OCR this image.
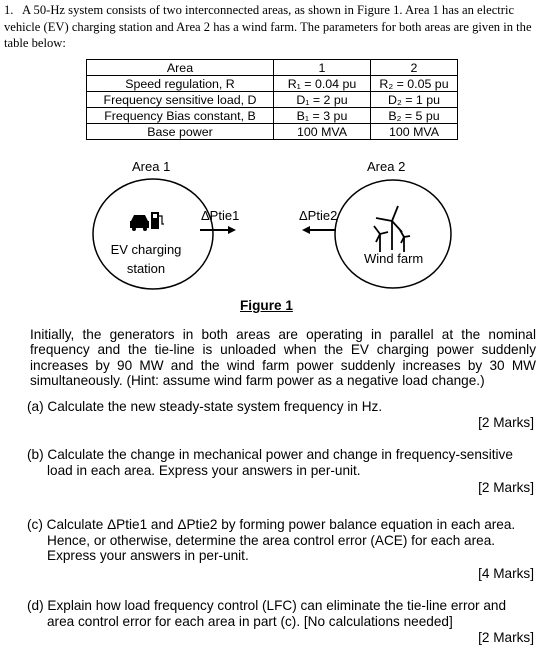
1. A 50-Hz system consists of two interconnected areas, as shown in Figure 1. Area 1 has an electric vehicle (EV) charging station and Area 2 has a wind farm. The parameters for both areas are given in the table below:
Area	1	2
Speed regulation, R	R₁ = 0.04 pu	R₂ = 0.05 pu
Frequency sensitive load, D	D₁ = 2 pu	D₂ = 1 pu
Frequency Bias constant, B	B₁ = 3 pu	B₂ = 5 pu
Base power	100 MVA	100 MVA
Area 1	Area 2
ΔPtie1	ΔPtie2
EV charging
station
Wind farm
Figure 1
Initially, the generators in both areas are operating in parallel at the nominal frequency and the tie-line is unloaded when the EV charging power suddenly increases by 90 MW and the wind farm power suddenly increases by 30 MW simultaneously. (Hint: assume wind farm power as a negative load change.)
(a) Calculate the new steady-state system frequency in Hz.
[2 Marks]
(b) Calculate the change in mechanical power and change in frequency-sensitive load in each area. Express your answers in per-unit.
[2 Marks]
(c) Calculate ΔPtie1 and ΔPtie2 by forming power balance equation in each area. Hence, or otherwise, determine the area control error (ACE) for each area. Express your answers in per-unit.
[4 Marks]
(d) Explain how load frequency control (LFC) can eliminate the tie-line error and area control error for each area in part (c). [No calculations needed]
[2 Marks]
